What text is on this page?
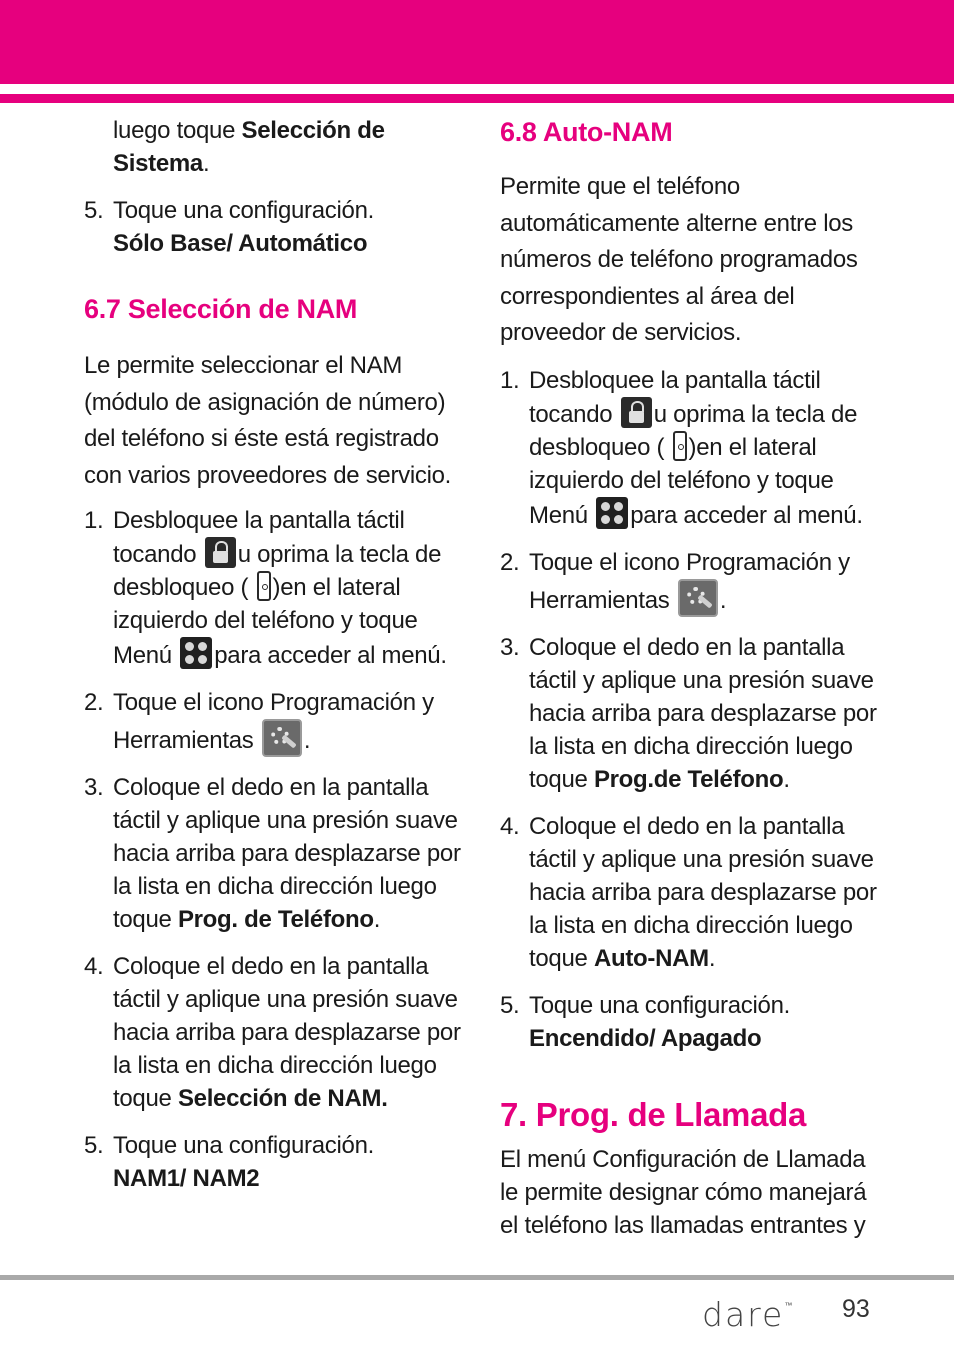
luego toque Selección de Sistema.
5. Toque una configuración.
Sólo Base/ Automático
6.7 Selección de NAM

Le permite seleccionar el NAM (módulo de asignación de número) del teléfono si éste está registrado con varios proveedores de servicio.

1. Desbloquee la pantalla táctil tocando
u oprima la tecla de desbloqueo ( )en el lateral izquierdo del teléfono y toque Menú
para acceder al menú.
2. Toque el icono Programación y Herramientas
.
3. Coloque el dedo en la pantalla táctil y aplique una presión suave hacia arriba para desplazarse por la lista en dicha dirección luego toque Prog. de Teléfono.
4. Coloque el dedo en la pantalla táctil y aplique una presión suave hacia arriba para desplazarse por la lista en dicha dirección luego toque Selección de NAM.
5. Toque una configuración.
NAM1/ NAM2
6.8 Auto-NAM

Permite que el teléfono automáticamente alterne entre los números de teléfono programados correspondientes al área del proveedor de servicios.

1. Desbloquee la pantalla táctil tocando
u oprima la tecla de desbloqueo ( )en el lateral izquierdo del teléfono y toque Menú
para acceder al menú.
2. Toque el icono Programación y Herramientas
.
3. Coloque el dedo en la pantalla táctil y aplique una presión suave hacia arriba para desplazarse por la lista en dicha dirección luego toque Prog.de Teléfono.
4. Coloque el dedo en la pantalla táctil y aplique una presión suave hacia arriba para desplazarse por la lista en dicha dirección luego toque Auto-NAM.
5. Toque una configuración.
Encendido/ Apagado
7. Prog. de Llamada

El menú Configuración de Llamada le permite designar cómo manejará el teléfono las llamadas entrantes y

dare™ 93
